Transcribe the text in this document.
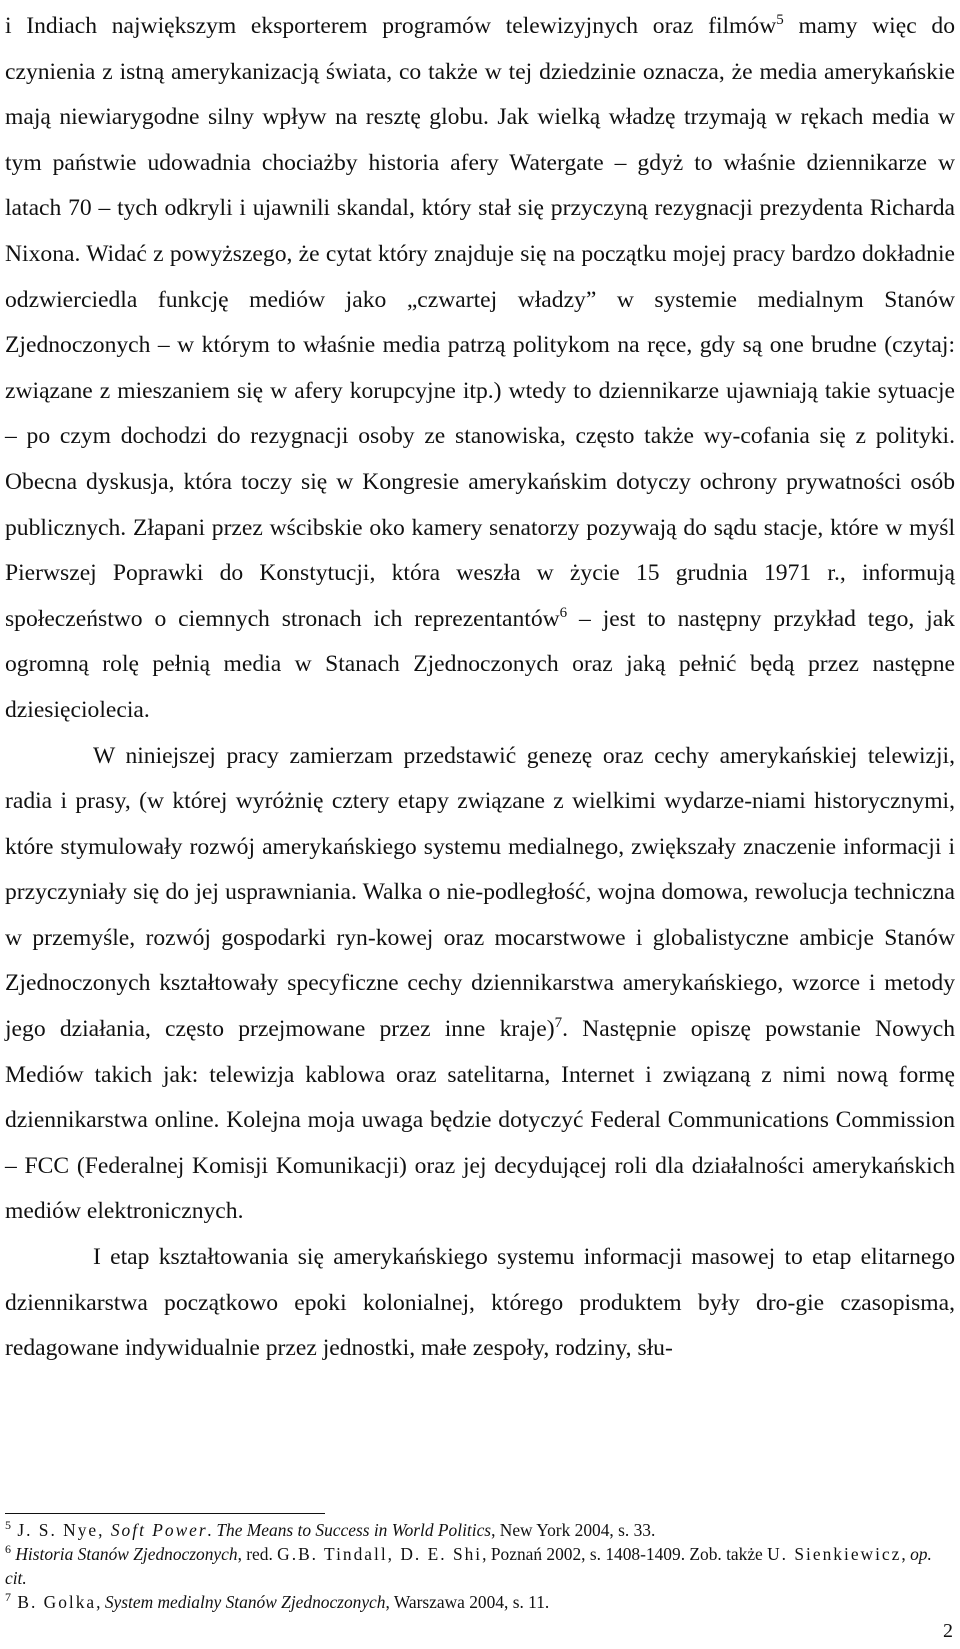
i Indiach największym eksporterem programów telewizyjnych oraz filmów$^5$ mamy więc do czynienia z istną amerykanizacją świata, co także w tej dziedzinie oznacza, że media amerykańskie mają niewiarygodne silny wpływ na resztę globu. Jak wielką władzę trzymają w rękach media w tym państwie udowadnia chociażby historia afery Watergate – gdyż to właśnie dziennikarze w latach 70 – tych odkryli i ujawnili skandal, który stał się przyczyną rezygnacji prezydenta Richarda Nixona. Widać z powyższego, że cytat który znajduje się na początku mojej pracy bardzo dokładnie odzwierciedla funkcję mediów jako „czwartej władzy” w systemie medialnym Stanów Zjednoczonych – w którym to właśnie media patrzą politykom na ręce, gdy są one brudne (czytaj: związane z mieszaniem się w afery korupcyjne itp.) wtedy to dziennikarze ujawniają takie sytuacje – po czym dochodzi do rezygnacji osoby ze stanowiska, często także wy-cofania się z polityki. Obecna dyskusja, która toczy się w Kongresie amerykańskim dotyczy ochrony prywatności osób publicznych. Złapani przez wścibskie oko kamery senatorzy pozywają do sądu stacje, które w myśl Pierwszej Poprawki do Konstytucji, która weszła w życie 15 grudnia 1971 r., informują społeczeństwo o ciemnych stronach ich reprezentantów$^6$ – jest to następny przykład tego, jak ogromną rolę pełnią media w Stanach Zjednoczonych oraz jaką pełnić będą przez następne dziesięciolecia.

W niniejszej pracy zamierzam przedstawić genezę oraz cechy amerykańskiej telewizji, radia i prasy, (w której wyróżnię cztery etapy związane z wielkimi wydarze-niami historycznymi, które stymulowały rozwój amerykańskiego systemu medialnego, zwiększały znaczenie informacji i przyczyniały się do jej usprawniania. Walka o nie-podległość, wojna domowa, rewolucja techniczna w przemyśle, rozwój gospodarki ryn-kowej oraz mocarstwowe i globalistyczne ambicje Stanów Zjednoczonych kształtowały specyficzne cechy dziennikarstwa amerykańskiego, wzorce i metody jego działania, często przejmowane przez inne kraje)$^7$. Następnie opiszę powstanie Nowych Mediów takich jak: telewizja kablowa oraz satelitarna, Internet i związaną z nimi nową formę dziennikarstwa online. Kolejna moja uwaga będzie dotyczyć Federal Communications Commission – FCC (Federalnej Komisji Komunikacji) oraz jej decydującej roli dla działalności amerykańskich mediów elektronicznych.

I etap kształtowania się amerykańskiego systemu informacji masowej to etap elitarnego dziennikarstwa początkowo epoki kolonialnej, którego produktem były dro-gie czasopisma, redagowane indywidualnie przez jednostki, małe zespoły, rodziny, słu-

$^5$ J. S. Nye, Soft Power. The Means to Success in World Politics, New York 2004, s. 33.

$^6$ Historia Stanów Zjednoczonych, red. G.B. Tindall, D. E. Shi, Poznań 2002, s. 1408-1409. Zob. także U. Sienkiewicz, op. cit.

$^7$ B. Golka, System medialny Stanów Zjednoczonych, Warszawa 2004, s. 11.

2
